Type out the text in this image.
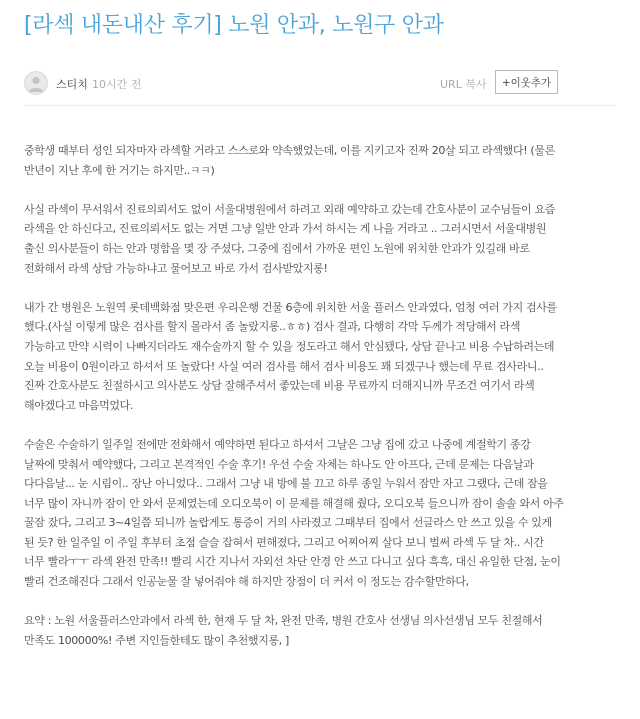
[라섹 내돈내산 후기] 노원 안과, 노원구 안과
스티치 10시간 전	URL 복사	+이웃추가

중학생 때부터 성인 되자마자 라섹할 거라고 스스로와 약속했었는데, 이를 지키고자 진짜 20살 되고 라섹했다! (물론 반년이 지난 후에 한 거기는 하지만..ㅋㅋ)

사실 라섹이 무서워서 진료의뢰서도 없이 서울대병원에서 하려고 외래 예약하고 갔는데 간호사분이 교수님들이 요즘 라섹을 안 하신다고, 진료의뢰서도 없는 거면 그냥 일반 안과 가서 하시는 게 나을 거라고 .. 그러시면서 서울대병원 출신 의사분들이 하는 안과 명함을 몇 장 주셨다, 그중에 집에서 가까운 편인 노원에 위치한 안과가 있길래 바로 전화해서 라섹 상담 가능하냐고 물어보고 바로 가서 검사받았지롱!

내가 간 병원은 노원역 롯데백화점 맞은편 우리은행 건물 6층에 위치한 서울 플러스 안과였다, 엄청 여러 가지 검사를 했다.(사실 이렇게 많은 검사를 할지 몰라서 좀 놀랐지롱..ㅎㅎ) 검사 결과, 다행히 각막 두께가 적당해서 라섹 가능하고 만약 시력이 나빠지더라도 재수술까지 할 수 있을 정도라고 해서 안심됐다, 상담 끝나고 비용 수납하려는데 오늘 비용이 0원이라고 하셔서 또 놀랐다! 사실 여러 검사를 해서 검사 비용도 꽤 되겠구나 했는데 무료 검사라니.. 진짜 간호사분도 친절하시고 의사분도 상담 잘해주셔서 좋았는데 비용 무료까지 더해지니까 무조건 여기서 라섹 해야겠다고 마음먹었다.

수술은 수술하기 일주일 전에만 전화해서 예약하면 된다고 하셔서 그날은 그냥 집에 갔고 나중에 계절학기 종강 날짜에 맞춰서 예약했다, 그리고 본격적인 수술 후기! 우선 수술 자체는 하나도 안 아프다, 근데 문제는 다음날과 다다음날... 눈 시림이.. 장난 아니었다.. 그래서 그냥 내 방에 불 끄고 하루 종일 누워서 잠만 자고 그랬다, 근데 잠을 너무 많이 자니까 잠이 안 와서 문제였는데 오디오북이 이 문제를 해결해 줬다, 오디오북 들으니까 잠이 솔솔 와서 아주 꿀잠 잤다, 그리고 3~4일쯤 되니까 놀랍게도 통증이 거의 사라졌고 그때부터 집에서 선글라스 안 쓰고 있을 수 있게 된 듯? 한 일주일 이 주일 후부터 초점 슬슬 잡혀서 편해졌다, 그리고 어찌어찌 살다 보니 벌써 라섹 두 달 차.. 시간 너무 빨라ㅜㅜ 라섹 완전 만족!! 빨리 시간 지나서 자외선 차단 안경 안 쓰고 다니고 싶다 흑흑, 대신 유일한 단점, 눈이 빨리 건조해진다 그래서 인공눈물 잘 넣어줘야 해 하지만 장점이 더 커서 이 정도는 감수할만하다,

요약 : 노원 서울플러스안과에서 라섹 한, 현재 두 달 차, 완전 만족, 병원 간호사 선생님 의사선생님 모두 친절해서 만족도 100000%! 주변 지인들한테도 많이 추천했지롱, ]
